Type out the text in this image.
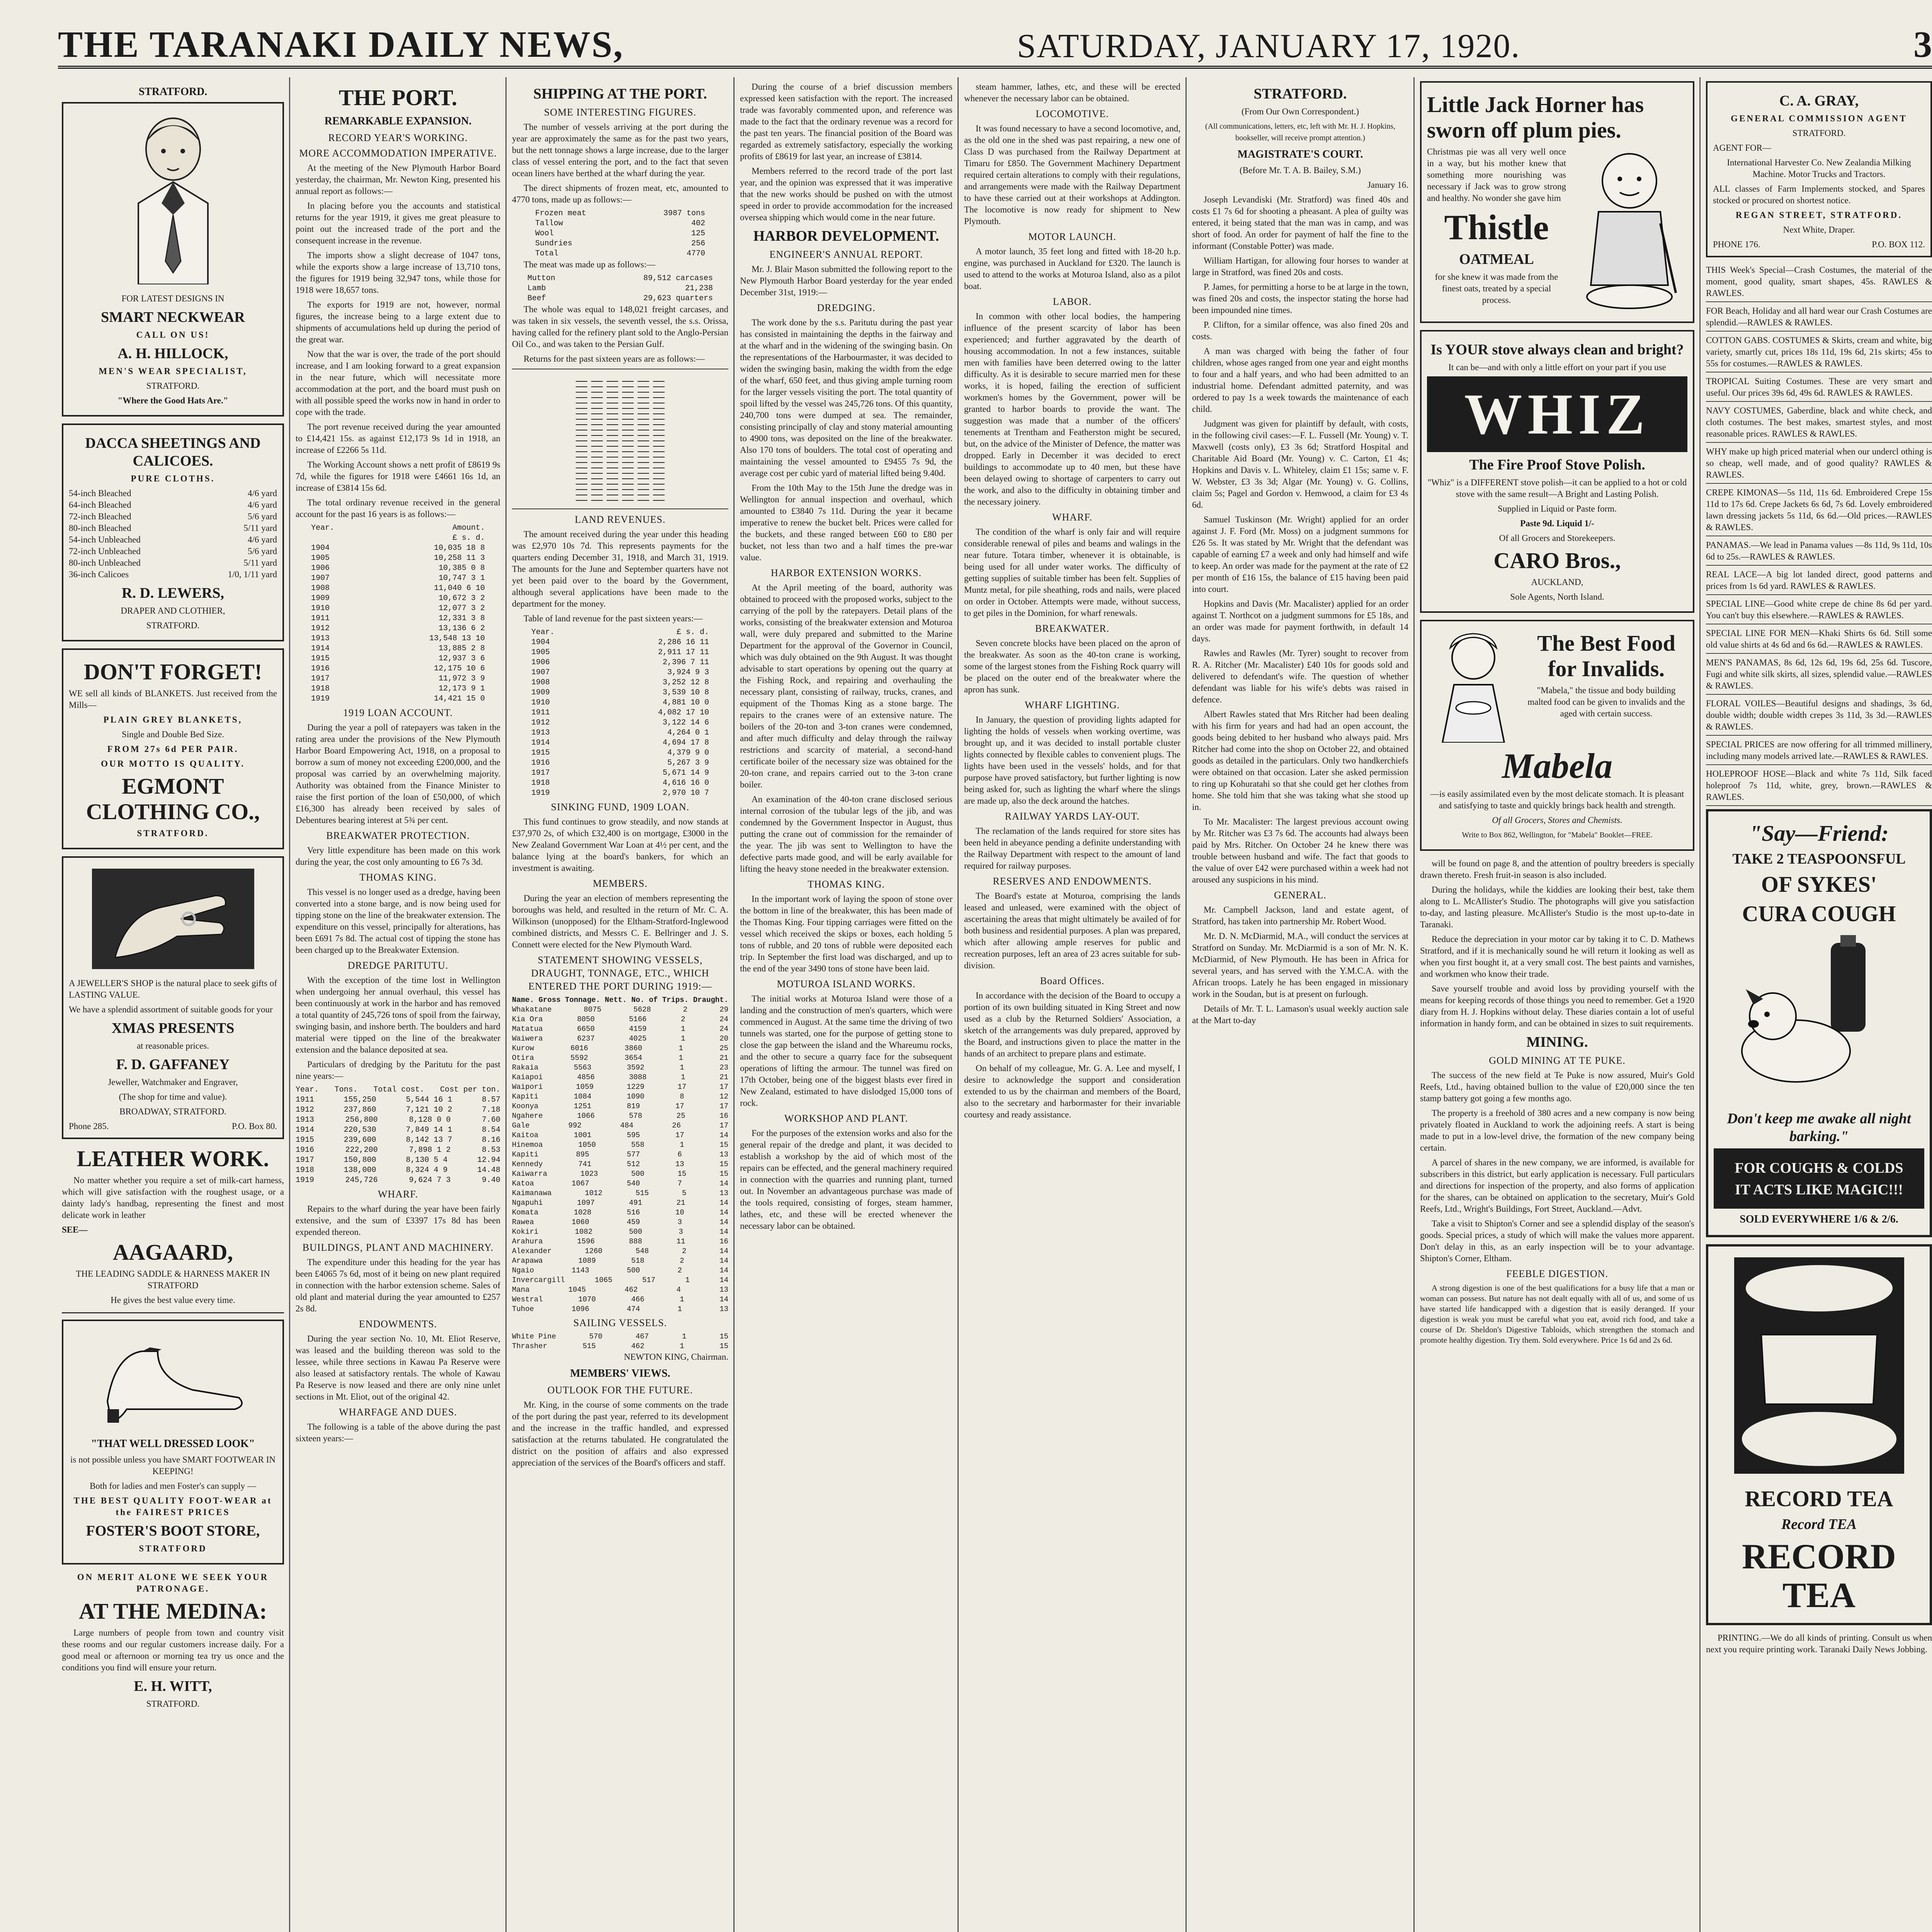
THE TARANAKI DAILY NEWS,	SATURDAY, JANUARY 17, 1920.	3
STRATFORD.

FOR LATEST DESIGNS IN

SMART NECKWEAR

CALL ON US!

A. H. HILLOCK,

MEN'S WEAR SPECIALIST,

STRATFORD.

"Where the Good Hats Are."

DACCA SHEETINGS AND CALICOES.

PURE CLOTHS.

54-inch Bleached	4/6 yard
64-inch Bleached	4/6 yard
72-inch Bleached	5/6 yard
80-inch Bleached	5/11 yard
54-inch Unbleached	4/6 yard
72-inch Unbleached	5/6 yard
80-inch Unbleached	5/11 yard
36-inch Calicoes	1/0, 1/11 yard
R. D. LEWERS,

DRAPER AND CLOTHIER,

STRATFORD.

DON'T FORGET!

WE sell all kinds of BLANKETS. Just received from the Mills—

PLAIN GREY BLANKETS,

Single and Double Bed Size.

FROM 27s 6d PER PAIR.

OUR MOTTO IS QUALITY.

EGMONT CLOTHING CO.,

STRATFORD.

A JEWELLER'S SHOP is the natural place to seek gifts of LASTING VALUE.

We have a splendid assortment of suitable goods for your

XMAS PRESENTS

at reasonable prices.

F. D. GAFFANEY

Jeweller, Watchmaker and Engraver,

(The shop for time and value).

BROADWAY, STRATFORD.

Phone 285.	P.O. Box 80.
LEATHER WORK.

No matter whether you require a set of milk-cart harness, which will give satisfaction with the roughest usage, or a dainty lady's handbag, representing the finest and most delicate work in leather

SEE—

AAGAARD,

THE LEADING SADDLE & HARNESS MAKER IN STRATFORD

He gives the best value every time.

"THAT WELL DRESSED LOOK"

is not possible unless you have SMART FOOTWEAR IN KEEPING!

Both for ladies and men Foster's can supply —

THE BEST QUALITY FOOT-WEAR at the FAIREST PRICES

FOSTER'S BOOT STORE,

STRATFORD

ON MERIT ALONE WE SEEK YOUR PATRONAGE.

AT THE MEDINA:

Large numbers of people from town and country visit these rooms and our regular customers increase daily. For a good meal or afternoon or morning tea try us once and the conditions you find will ensure your return.

E. H. WITT,

STRATFORD.

THE PORT.
REMARKABLE EXPANSION.
RECORD YEAR'S WORKING.
MORE ACCOMMODATION IMPERATIVE.

At the meeting of the New Plymouth Harbor Board yesterday, the chairman, Mr. Newton King, presented his annual report as follows:—

In placing before you the accounts and statistical returns for the year 1919, it gives me great pleasure to point out the increased trade of the port and the consequent increase in the revenue.

The imports show a slight decrease of 1047 tons, while the exports show a large increase of 13,710 tons, the figures for 1919 being 32,947 tons, while those for 1918 were 18,657 tons.

The exports for 1919 are not, however, normal figures, the increase being to a large extent due to shipments of accumulations held up during the period of the great war.

Now that the war is over, the trade of the port should increase, and I am looking forward to a great expansion in the near future, which will necessitate more accommodation at the port, and the board must push on with all possible speed the works now in hand in order to cope with the trade.

The port revenue received during the year amounted to £14,421 15s. as against £12,173 9s 1d in 1918, an increase of £2266 5s 11d.

The Working Account shows a nett profit of £8619 9s 7d, while the figures for 1918 were £4661 16s 1d, an increase of £3814 15s 6d.

The total ordinary revenue received in the general account for the past 16 years is as follows:—

Year.	Amount.
£ s. d.
1904	10,035 18 8
1905	10,258 11 3
1906	10,385 0 8
1907	10,747 3 1
1908	11,040 6 10
1909	10,672 3 2
1910	12,077 3 2
1911	12,331 3 8
1912	13,136 6 2
1913	13,548 13 10
1914	13,885 2 8
1915	12,937 3 6
1916	12,175 10 6
1917	11,972 3 9
1918	12,173 9 1
1919	14,421 15 0
1919 LOAN ACCOUNT.

During the year a poll of ratepayers was taken in the rating area under the provisions of the New Plymouth Harbor Board Empowering Act, 1918, on a proposal to borrow a sum of money not exceeding £200,000, and the proposal was carried by an overwhelming majority. Authority was obtained from the Finance Minister to raise the first portion of the loan of £50,000, of which £16,300 has already been received by sales of Debentures bearing interest at 5¾ per cent.

BREAKWATER PROTECTION.

Very little expenditure has been made on this work during the year, the cost only amounting to £6 7s 3d.

THOMAS KING.

This vessel is no longer used as a dredge, having been converted into a stone barge, and is now being used for tipping stone on the line of the breakwater extension. The expenditure on this vessel, principally for alterations, has been £691 7s 8d. The actual cost of tipping the stone has been charged up to the Breakwater Extension.

DREDGE PARITUTU.

With the exception of the time lost in Wellington when undergoing her annual overhaul, this vessel has been continuously at work in the harbor and has removed a total quantity of 245,726 tons of spoil from the fairway, swinging basin, and inshore berth. The boulders and hard material were tipped on the line of the breakwater extension and the balance deposited at sea.

Particulars of dredging by the Paritutu for the past nine years:—

Year. Tons. Total cost. Cost per ton.
1911	155,250	5,544 16 1	8.57
1912	237,860	7,121 10 2	7.18
1913	256,800	8,128 0 0	7.60
1914	220,530	7,849 14 1	8.54
1915	239,600	8,142 13 7	8.16
1916	222,200	7,898 1 2	8.53
1917	150,800	8,130 5 4	12.94
1918	138,000	8,324 4 9	14.48
1919	245,726	9,624 7 3	9.40
WHARF.

Repairs to the wharf during the year have been fairly extensive, and the sum of £3397 17s 8d has been expended thereon.

BUILDINGS, PLANT AND MACHINERY.

The expenditure under this heading for the year has been £4065 7s 6d, most of it being on new plant required in connection with the harbor extension scheme. Sales of old plant and material during the year amounted to £257 2s 8d.

ENDOWMENTS.

During the year section No. 10, Mt. Eliot Reserve, was leased and the building thereon was sold to the lessee, while three sections in Kawau Pa Reserve were also leased at satisfactory rentals. The whole of Kawau Pa Reserve is now leased and there are only nine unlet sections in Mt. Eliot, out of the original 42.

WHARFAGE AND DUES.

The following is a table of the above during the past sixteen years:—

SHIPPING AT THE PORT.
SOME INTERESTING FIGURES.

The number of vessels arriving at the port during the year are approximately the same as for the past two years, but the nett tonnage shows a large increase, due to the larger class of vessel entering the port, and to the fact that seven ocean liners have berthed at the wharf during the year.

The direct shipments of frozen meat, etc, amounted to 4770 tons, made up as follows:—

Frozen meat	3987 tons
Tallow	402
Wool	125
Sundries	256
Total	4770

The meat was made up as follows:—

Mutton	89,512 carcases
Lamb	21,238
Beef	29,623 quarters

The whole was equal to 148,021 freight carcases, and was taken in six vessels, the seventh vessel, the s.s. Orissa, having called for the refinery plant sold to the Anglo-Persian Oil Co., and was taken to the Persian Gulf.

Returns for the past sixteen years are as follows:—

LAND REVENUES.

The amount received during the year under this heading was £2,970 10s 7d. This represents payments for the quarters ending December 31, 1918, and March 31, 1919. The amounts for the June and September quarters have not yet been paid over to the board by the Government, although several applications have been made to the department for the money.

Table of land revenue for the past sixteen years:—

Year.	£ s. d.
1904	2,286 16 11
1905	2,911 17 11
1906	2,396 7 11
1907	3,924 9 3
1908	3,252 12 8
1909	3,539 10 8
1910	4,881 10 0
1911	4,082 17 10
1912	3,122 14 6
1913	4,264 0 1
1914	4,694 17 8
1915	4,379 9 0
1916	5,267 3 9
1917	5,671 14 9
1918	4,616 16 0
1919	2,970 10 7
SINKING FUND, 1909 LOAN.

This fund continues to grow steadily, and now stands at £37,970 2s, of which £32,400 is on mortgage, £3000 in the New Zealand Government War Loan at 4½ per cent, and the balance lying at the board's bankers, for which an investment is awaiting.

MEMBERS.

During the year an election of members representing the boroughs was held, and resulted in the return of Mr. C. A. Wilkinson (unopposed) for the Eltham-Stratford-Inglewood combined districts, and Messrs C. E. Bellringer and J. S. Connett were elected for the New Plymouth Ward.

STATEMENT SHOWING VESSELS, DRAUGHT, TONNAGE, ETC., WHICH ENTERED THE PORT DURING 1919:—
Name. Gross Tonnage. Nett. No. of Trips. Draught.
Whakatane	8075	5628	2	29
Kia Ora	8050	5166	2	24
Matatua	6650	4159	1	24
Waiwera	6237	4025	1	20
Kurow	6016	3860	1	25
Otira	5592	3654	1	21
Rakaia	5563	3592	1	23
Kaiapoi	4856	3088	1	21
Waipori	1059	1229	17	17
Kapiti	1084	1090	8	12
Koonya	1251	819	17	17
Ngahere	1066	578	25	16
Gale	992	484	26	17
Kaitoa	1001	595	17	14
Hinemoa	1050	558	1	15
Kapiti	895	577	6	13
Kennedy	741	512	13	15
Kaiwarra	1023	500	15	15
Katoa	1067	540	7	14
Kaimanawa	1012	515	5	13
Ngapuhi	1097	491	21	14
Komata	1028	516	10	14
Rawea	1060	459	3	14
Kokiri	1082	500	3	14
Arahura	1596	888	11	16
Alexander	1260	548	2	14
Arapawa	1089	518	2	14
Ngaio	1143	500	2	14
Invercargill	1065	517	1	14
Mana	1045	462	4	13
Westral	1070	466	1	14
Tuhoe	1096	474	1	13
SAILING VESSELS.
White Pine	570	467	1	15
Thrasher	515	462	1	15

NEWTON KING, Chairman.

MEMBERS' VIEWS.
OUTLOOK FOR THE FUTURE.

Mr. King, in the course of some comments on the trade of the port during the past year, referred to its development and the increase in the traffic handled, and expressed satisfaction at the returns tabulated. He congratulated the district on the position of affairs and also expressed appreciation of the services of the Board's officers and staff.

During the course of a brief discussion members expressed keen satisfaction with the report. The increased trade was favorably commented upon, and reference was made to the fact that the ordinary revenue was a record for the past ten years. The financial position of the Board was regarded as extremely satisfactory, especially the working profits of £8619 for last year, an increase of £3814.

Members referred to the record trade of the port last year, and the opinion was expressed that it was imperative that the new works should be pushed on with the utmost speed in order to provide accommodation for the increased oversea shipping which would come in the near future.

HARBOR DEVELOPMENT.
ENGINEER'S ANNUAL REPORT.

Mr. J. Blair Mason submitted the following report to the New Plymouth Harbor Board yesterday for the year ended December 31st, 1919:—

DREDGING.

The work done by the s.s. Paritutu during the past year has consisted in maintaining the depths in the fairway and at the wharf and in the widening of the swinging basin. On the representations of the Harbourmaster, it was decided to widen the swinging basin, making the width from the edge of the wharf, 650 feet, and thus giving ample turning room for the larger vessels visiting the port. The total quantity of spoil lifted by the vessel was 245,726 tons. Of this quantity, 240,700 tons were dumped at sea. The remainder, consisting principally of clay and stony material amounting to 4900 tons, was deposited on the line of the breakwater. Also 170 tons of boulders. The total cost of operating and maintaining the vessel amounted to £9455 7s 9d, the average cost per cubic yard of material lifted being 9.40d.

From the 10th May to the 15th June the dredge was in Wellington for annual inspection and overhaul, which amounted to £3840 7s 11d. During the year it became imperative to renew the bucket belt. Prices were called for the buckets, and these ranged between £60 to £80 per bucket, not less than two and a half times the pre-war value.

HARBOR EXTENSION WORKS.

At the April meeting of the board, authority was obtained to proceed with the proposed works, subject to the carrying of the poll by the ratepayers. Detail plans of the works, consisting of the breakwater extension and Moturoa wall, were duly prepared and submitted to the Marine Department for the approval of the Governor in Council, which was duly obtained on the 9th August. It was thought advisable to start operations by opening out the quarry at the Fishing Rock, and repairing and overhauling the necessary plant, consisting of railway, trucks, cranes, and equipment of the Thomas King as a stone barge. The repairs to the cranes were of an extensive nature. The boilers of the 20-ton and 3-ton cranes were condemned, and after much difficulty and delay through the railway restrictions and scarcity of material, a second-hand certificate boiler of the necessary size was obtained for the 20-ton crane, and repairs carried out to the 3-ton crane boiler.

An examination of the 40-ton crane disclosed serious internal corrosion of the tubular legs of the jib, and was condemned by the Government Inspector in August, thus putting the crane out of commission for the remainder of the year. The jib was sent to Wellington to have the defective parts made good, and will be early available for lifting the heavy stone needed in the breakwater extension.

THOMAS KING.

In the important work of laying the spoon of stone over the bottom in line of the breakwater, this has been made of the Thomas King. Four tipping carriages were fitted on the vessel which received the skips or boxes, each holding 5 tons of rubble, and 20 tons of rubble were deposited each trip. In September the first load was discharged, and up to the end of the year 3490 tons of stone have been laid.

MOTUROA ISLAND WORKS.

The initial works at Moturoa Island were those of a landing and the construction of men's quarters, which were commenced in August. At the same time the driving of two tunnels was started, one for the purpose of getting stone to close the gap between the island and the Whareumu rocks, and the other to secure a quarry face for the subsequent operations of lifting the armour. The tunnel was fired on 17th October, being one of the biggest blasts ever fired in New Zealand, estimated to have dislodged 15,000 tons of rock.

WORKSHOP AND PLANT.

For the purposes of the extension works and also for the general repair of the dredge and plant, it was decided to establish a workshop by the aid of which most of the repairs can be effected, and the general machinery required in connection with the quarries and running plant, turned out. In November an advantageous purchase was made of the tools required, consisting of forges, steam hammer, lathes, etc, and these will be erected whenever the necessary labor can be obtained.

steam hammer, lathes, etc, and these will be erected whenever the necessary labor can be obtained.

LOCOMOTIVE.

It was found necessary to have a second locomotive, and, as the old one in the shed was past repairing, a new one of Class D was purchased from the Railway Department at Timaru for £850. The Government Machinery Department required certain alterations to comply with their regulations, and arrangements were made with the Railway Department to have these carried out at their workshops at Addington. The locomotive is now ready for shipment to New Plymouth.

MOTOR LAUNCH.

A motor launch, 35 feet long and fitted with 18-20 h.p. engine, was purchased in Auckland for £320. The launch is used to attend to the works at Moturoa Island, also as a pilot boat.

LABOR.

In common with other local bodies, the hampering influence of the present scarcity of labor has been experienced; and further aggravated by the dearth of housing accommodation. In not a few instances, suitable men with families have been deterred owing to the latter difficulty. As it is desirable to secure married men for these works, it is hoped, failing the erection of sufficient workmen's homes by the Government, power will be granted to harbor boards to provide the want. The suggestion was made that a number of the officers' tenements at Trentham and Featherston might be secured, but, on the advice of the Minister of Defence, the matter was dropped. Early in December it was decided to erect buildings to accommodate up to 40 men, but these have been delayed owing to shortage of carpenters to carry out the work, and also to the difficulty in obtaining timber and the necessary joinery.

WHARF.

The condition of the wharf is only fair and will require considerable renewal of piles and beams and walings in the near future. Totara timber, whenever it is obtainable, is being used for all under water works. The difficulty of getting supplies of suitable timber has been felt. Supplies of Muntz metal, for pile sheathing, rods and nails, were placed on order in October. Attempts were made, without success, to get piles in the Dominion, for wharf renewals.

BREAKWATER.

Seven concrete blocks have been placed on the apron of the breakwater. As soon as the 40-ton crane is working, some of the largest stones from the Fishing Rock quarry will be placed on the outer end of the breakwater where the apron has sunk.

WHARF LIGHTING.

In January, the question of providing lights adapted for lighting the holds of vessels when working overtime, was brought up, and it was decided to install portable cluster lights connected by flexible cables to convenient plugs. The lights have been used in the vessels' holds, and for that purpose have proved satisfactory, but further lighting is now being asked for, such as lighting the wharf where the slings are made up, also the deck around the hatches.

RAILWAY YARDS LAY-OUT.

The reclamation of the lands required for store sites has been held in abeyance pending a definite understanding with the Railway Department with respect to the amount of land required for railway purposes.

RESERVES AND ENDOWMENTS.

The Board's estate at Moturoa, comprising the lands leased and unleased, were examined with the object of ascertaining the areas that might ultimately be availed of for both business and residential purposes. A plan was prepared, which after allowing ample reserves for public and recreation purposes, left an area of 23 acres suitable for sub-division.

Board Offices.

In accordance with the decision of the Board to occupy a portion of its own building situated in King Street and now used as a club by the Returned Soldiers' Association, a sketch of the arrangements was duly prepared, approved by the Board, and instructions given to place the matter in the hands of an architect to prepare plans and estimate.

On behalf of my colleague, Mr. G. A. Lee and myself, I desire to acknowledge the support and consideration extended to us by the chairman and members of the Board, also to the secretary and harbormaster for their invariable courtesy and ready assistance.

STRATFORD.

(From Our Own Correspondent.)

(All communications, letters, etc, left with Mr. H. J. Hopkins, bookseller, will receive prompt attention.)

MAGISTRATE'S COURT.

(Before Mr. T. A. B. Bailey, S.M.)

January 16.

Joseph Levandiski (Mr. Stratford) was fined 40s and costs £1 7s 6d for shooting a pheasant. A plea of guilty was entered, it being stated that the man was in camp, and was short of food. An order for payment of half the fine to the informant (Constable Potter) was made.

William Hartigan, for allowing four horses to wander at large in Stratford, was fined 20s and costs.

P. James, for permitting a horse to be at large in the town, was fined 20s and costs, the inspector stating the horse had been impounded nine times.

P. Clifton, for a similar offence, was also fined 20s and costs.

A man was charged with being the father of four children, whose ages ranged from one year and eight months to four and a half years, and who had been admitted to an industrial home. Defendant admitted paternity, and was ordered to pay 1s a week towards the maintenance of each child.

Judgment was given for plaintiff by default, with costs, in the following civil cases:—F. L. Fussell (Mr. Young) v. T. Maxwell (costs only), £3 3s 6d; Stratford Hospital and Charitable Aid Board (Mr. Young) v. C. Carton, £1 4s; Hopkins and Davis v. L. Whiteley, claim £1 15s; same v. F. W. Webster, £3 3s 3d; Algar (Mr. Young) v. G. Collins, claim 5s; Pagel and Gordon v. Hemwood, a claim for £3 4s 6d.

Samuel Tuskinson (Mr. Wright) applied for an order against J. F. Ford (Mr. Moss) on a judgment summons for £26 5s. It was stated by Mr. Wright that the defendant was capable of earning £7 a week and only had himself and wife to keep. An order was made for the payment at the rate of £2 per month of £16 15s, the balance of £15 having been paid into court.

Hopkins and Davis (Mr. Macalister) applied for an order against T. Northcot on a judgment summons for £5 18s, and an order was made for payment forthwith, in default 14 days.

Rawles and Rawles (Mr. Tyrer) sought to recover from R. A. Ritcher (Mr. Macalister) £40 10s for goods sold and delivered to defendant's wife. The question of whether defendant was liable for his wife's debts was raised in defence.

Albert Rawles stated that Mrs Ritcher had been dealing with his firm for years and had had an open account, the goods being debited to her husband who always paid. Mrs Ritcher had come into the shop on October 22, and obtained goods as detailed in the particulars. Only two handkerchiefs were obtained on that occasion. Later she asked permission to ring up Kohuratahi so that she could get her clothes from home. She told him that she was taking what she stood up in.

To Mr. Macalister: The largest previous account owing by Mr. Ritcher was £3 7s 6d. The accounts had always been paid by Mrs. Ritcher. On October 24 he knew there was trouble between husband and wife. The fact that goods to the value of over £42 were purchased within a week had not aroused any suspicions in his mind.

GENERAL.

Mr. Campbell Jackson, land and estate agent, of Stratford, has taken into partnership Mr. Robert Wood.

Mr. D. N. McDiarmid, M.A., will conduct the services at Stratford on Sunday. Mr. McDiarmid is a son of Mr. N. K. McDiarmid, of New Plymouth. He has been in Africa for several years, and has served with the Y.M.C.A. with the African troops. Lately he has been engaged in missionary work in the Soudan, but is at present on furlough.

Details of Mr. T. L. Lamason's usual weekly auction sale at the Mart to-day

Little Jack Horner has sworn off plum pies.

Christmas pie was all very well once in a way, but his mother knew that something more nourishing was necessary if Jack was to grow strong and healthy. No wonder she gave him

Thistle
OATMEAL

for she knew it was made from the finest oats, treated by a special process.

Is YOUR stove always clean and bright?

It can be—and with only a little effort on your part if you use

WHIZ
The Fire Proof Stove Polish.

"Whiz" is a DIFFERENT stove polish—it can be applied to a hot or cold stove with the same result—A Bright and Lasting Polish.

Supplied in Liquid or Paste form.

Paste 9d. Liquid 1/-

Of all Grocers and Storekeepers.

CARO Bros.,

AUCKLAND,

Sole Agents, North Island.

The Best Food for Invalids.

"Mabela," the tissue and body building malted food can be given to invalids and the aged with certain success.

Mabela

—is easily assimilated even by the most delicate stomach. It is pleasant and satisfying to taste and quickly brings back health and strength.

Of all Grocers, Stores and Chemists.

Write to Box 862, Wellington, for "Mabela" Booklet—FREE.

will be found on page 8, and the attention of poultry breeders is specially drawn thereto. Fresh fruit-in season is also included.

During the holidays, while the kiddies are looking their best, take them along to L. McAllister's Studio. The photographs will give you satisfaction to-day, and lasting pleasure. McAllister's Studio is the most up-to-date in Taranaki.

Reduce the depreciation in your motor car by taking it to C. D. Mathews Stratford, and if it is mechanically sound he will return it looking as well as when you first bought it, at a very small cost. The best paints and varnishes, and workmen who know their trade.

Save yourself trouble and avoid loss by providing yourself with the means for keeping records of those things you need to remember. Get a 1920 diary from H. J. Hopkins without delay. These diaries contain a lot of useful information in handy form, and can be obtained in sizes to suit requirements.

MINING.
GOLD MINING AT TE PUKE.

The success of the new field at Te Puke is now assured, Muir's Gold Reefs, Ltd., having obtained bullion to the value of £20,000 since the ten stamp battery got going a few months ago.

The property is a freehold of 380 acres and a new company is now being privately floated in Auckland to work the adjoining reefs. A start is being made to put in a low-level drive, the formation of the new company being certain.

A parcel of shares in the new company, we are informed, is available for subscribers in this district, but early application is necessary. Full particulars and directions for inspection of the property, and also forms of application for the shares, can be obtained on application to the secretary, Muir's Gold Reefs, Ltd., Wright's Buildings, Fort Street, Auckland.—Advt.

Take a visit to Shipton's Corner and see a splendid display of the season's goods. Special prices, a study of which will make the values more apparent. Don't delay in this, as an early inspection will be to your advantage. Shipton's Corner, Eltham.

FEEBLE DIGESTION.

A strong digestion is one of the best qualifications for a busy life that a man or woman can possess. But nature has not dealt equally with all of us, and some of us have started life handicapped with a digestion that is easily deranged. If your digestion is weak you must be careful what you eat, avoid rich food, and take a course of Dr. Sheldon's Digestive Tabloids, which strengthen the stomach and promote healthy digestion. Try them. Sold everywhere. Price 1s 6d and 2s 6d.

C. A. GRAY,

GENERAL COMMISSION AGENT

STRATFORD.

AGENT FOR—

International Harvester Co. New Zealandia Milking Machine. Motor Trucks and Tractors.

ALL classes of Farm Implements stocked, and Spares stocked or procured on shortest notice.

REGAN STREET, STRATFORD.

Next White, Draper.

PHONE 176.	P.O. BOX 112.

THIS Week's Special—Crash Costumes, the material of the moment, good quality, smart shapes, 45s. RAWLES & RAWLES.

FOR Beach, Holiday and all hard wear our Crash Costumes are splendid.—RAWLES & RAWLES.

COTTON GABS. COSTUMES & Skirts, cream and white, big variety, smartly cut, prices 18s 11d, 19s 6d, 21s skirts; 45s to 55s for costumes.—RAWLES & RAWLES.

TROPICAL Suiting Costumes. These are very smart and useful. Our prices 39s 6d, 49s 6d. RAWLES & RAWLES.

NAVY COSTUMES, Gaberdine, black and white check, and cloth costumes. The best makes, smartest styles, and most reasonable prices. RAWLES & RAWLES.

WHY make up high priced material when our undercl othing is so cheap, well made, and of good quality? RAWLES & RAWLES.

CREPE KIMONAS—5s 11d, 11s 6d. Embroidered Crepe 15s 11d to 17s 6d. Crepe Jackets 6s 6d, 7s 6d. Lovely embroidered lawn dressing jackets 5s 11d, 6s 6d.—Old prices.—RAWLES & RAWLES.

PANAMAS.—We lead in Panama values —8s 11d, 9s 11d, 10s 6d to 25s.—RAWLES & RAWLES.

REAL LACE—A big lot landed direct, good patterns and prices from 1s 6d yard. RAWLES & RAWLES.

SPECIAL LINE—Good white crepe de chine 8s 6d per yard. You can't buy this elsewhere.—RAWLES & RAWLES.

SPECIAL LINE FOR MEN—Khaki Shirts 6s 6d. Still some old value shirts at 4s 6d and 6s 6d.—RAWLES & RAWLES.

MEN'S PANAMAS, 8s 6d, 12s 6d, 19s 6d, 25s 6d. Tuscore, Fugi and white silk skirts, all sizes, splendid value.—RAWLES & RAWLES.

FLORAL VOILES—Beautiful designs and shadings, 3s 6d, double width; double width crepes 3s 11d, 3s 3d.—RAWLES & RAWLES.

SPECIAL PRICES are now offering for all trimmed millinery, including many models arrived late.—RAWLES & RAWLES.

HOLEPROOF HOSE—Black and white 7s 11d, Silk faced holeproof 7s 11d, white, grey, brown.—RAWLES & RAWLES.

"Say—Friend:
TAKE 2 TEASPOONSFUL
OF SYKES'
CURA COUGH
Don't keep me awake all night barking."
FOR COUGHS & COLDS
IT ACTS LIKE MAGIC!!!
SOLD EVERYWHERE 1/6 & 2/6.
RECORD TEA
Record TEA
RECORD TEA

PRINTING.—We do all kinds of printing. Consult us when next you require printing work. Taranaki Daily News Jobbing.
